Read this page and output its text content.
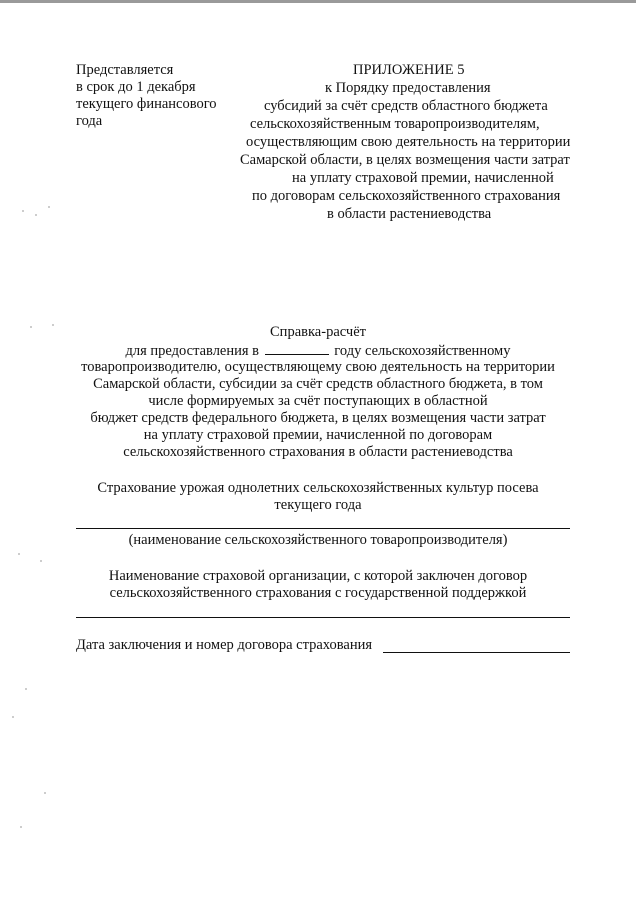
Представляется
в срок до 1 декабря
текущего финансового
года
ПРИЛОЖЕНИЕ 5
к Порядку предоставления
субсидий за счёт средств областного бюджета
сельскохозяйственным товаропроизводителям,
осуществляющим свою деятельность на территории
Самарской области, в целях возмещения части затрат
на уплату страховой премии, начисленной
по договорам сельскохозяйственного страхования
в области растениеводства
Справка-расчёт
для предоставления в	году сельскохозяйственному
товаропроизводителю, осуществляющему свою деятельность на территории
Самарской области, субсидии за счёт средств областного бюджета, в том
числе формируемых за счёт поступающих в областной
бюджет средств федерального бюджета, в целях возмещения части затрат
на уплату страховой премии, начисленной по договорам
сельскохозяйственного страхования в области растениеводства
Страхование урожая однолетних сельскохозяйственных культур посева
текущего года
(наименование сельскохозяйственного товаропроизводителя)
Наименование страховой организации, с которой заключен договор
сельскохозяйственного страхования с государственной поддержкой
Дата заключения и номер договора страхования
